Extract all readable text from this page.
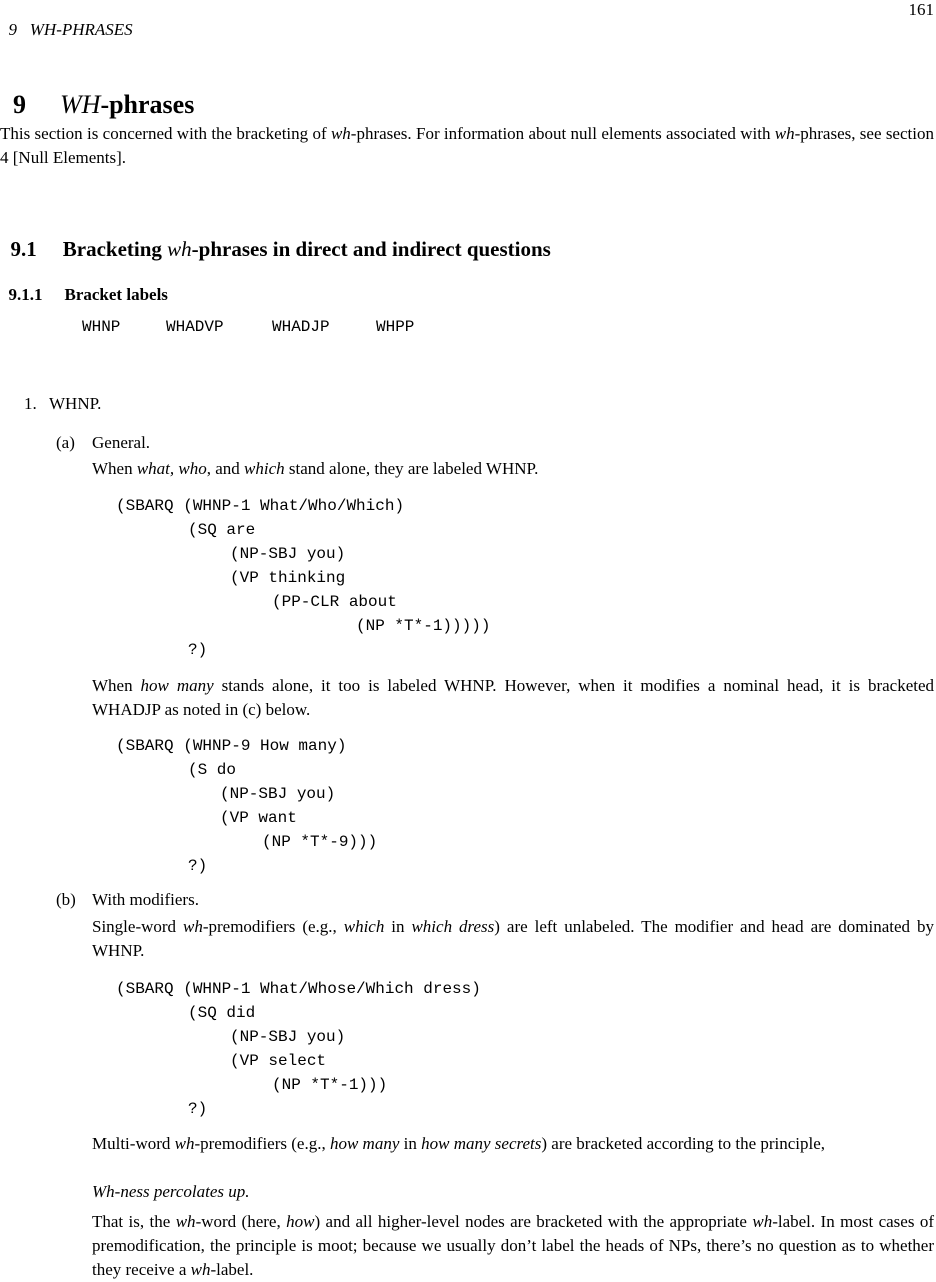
9 WH-PHRASES

161

9 WH-phrases

This section is concerned with the bracketing of wh-phrases. For information about null elements associated with wh-phrases, see section 4 [Null Elements].

9.1 Bracketing wh-phrases in direct and indirect questions

9.1.1 Bracket labels

WHNP	WHADVP	WHADJP	WHPP
1. WHNP.
(a) General.
When what, who, and which stand alone, they are labeled WHNP.
(SBARQ (WHNP-1 What/Who/Which)
(SQ are
(NP-SBJ you)
(VP thinking
(PP-CLR about
(NP *T*-1)))))
?)
When how many stands alone, it too is labeled WHNP. However, when it modifies a nominal head, it is bracketed WHADJP as noted in (c) below.
(SBARQ (WHNP-9 How many)
(S do
(NP-SBJ you)
(VP want
(NP *T*-9)))
?)
(b) With modifiers.
Single-word wh-premodifiers (e.g., which in which dress) are left unlabeled. The modifier and head are dominated by WHNP.
(SBARQ (WHNP-1 What/Whose/Which dress)
(SQ did
(NP-SBJ you)
(VP select
(NP *T*-1)))
?)
Multi-word wh-premodifiers (e.g., how many in how many secrets) are bracketed according to the principle,
Wh-ness percolates up.
That is, the wh-word (here, how) and all higher-level nodes are bracketed with the appropriate wh-label. In most cases of premodification, the principle is moot; because we usually don’t label the heads of NPs, there’s no question as to whether they receive a wh-label.
